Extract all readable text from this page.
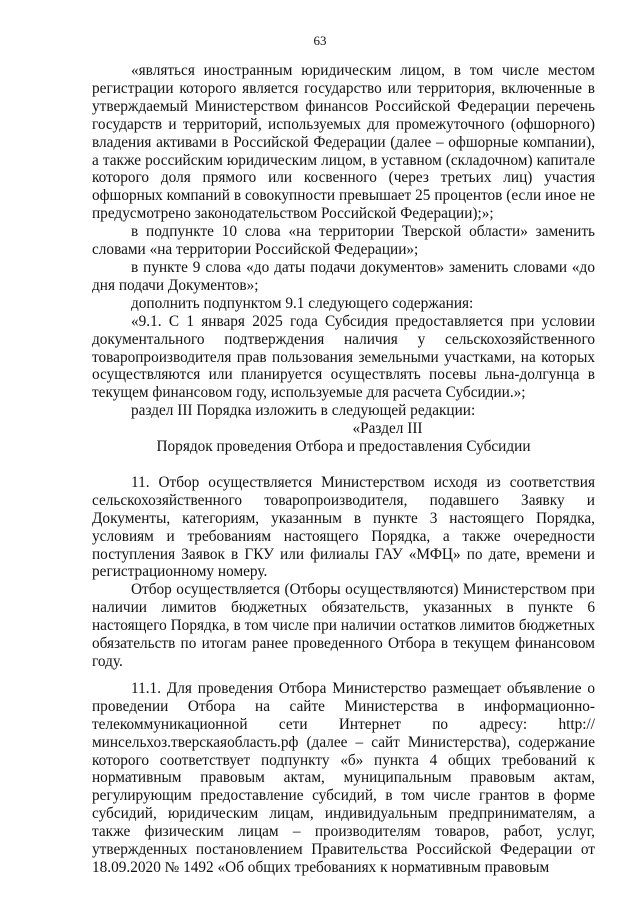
63

«являться иностранным юридическим лицом, в том числе местом регистрации которого является государство или территория, включенные в утверждаемый Министерством финансов Российской Федерации перечень государств и территорий, используемых для промежуточного (офшорного) владения активами в Российской Федерации (далее – офшорные компании), а также российским юридическим лицом, в уставном (складочном) капитале которого доля прямого или косвенного (через третьих лиц) участия офшорных компаний в совокупности превышает 25 процентов (если иное не предусмотрено законодательством Российской Федерации);»;

в подпункте 10 слова «на территории Тверской области» заменить словами «на территории Российской Федерации»;

в пункте 9 слова «до даты подачи документов» заменить словами «до дня подачи Документов»;

дополнить подпунктом 9.1 следующего содержания:

«9.1. С 1 января 2025 года Субсидия предоставляется при условии документального подтверждения наличия у сельскохозяйственного товаропроизводителя прав пользования земельными участками, на которых осуществляются или планируется осуществлять посевы льна-долгунца в текущем финансовом году, используемые для расчета Субсидии.»;

раздел III Порядка изложить в следующей редакции:

«Раздел III

Порядок проведения Отбора и предоставления Субсидии

11. Отбор осуществляется Министерством исходя из соответствия сельскохозяйственного товаропроизводителя, подавшего Заявку и Документы, категориям, указанным в пункте 3 настоящего Порядка, условиям и требованиям настоящего Порядка, а также очередности поступления Заявок в ГКУ или филиалы ГАУ «МФЦ» по дате, времени и регистрационному номеру.

Отбор осуществляется (Отборы осуществляются) Министерством при наличии лимитов бюджетных обязательств, указанных в пункте 6 настоящего Порядка, в том числе при наличии остатков лимитов бюджетных обязательств по итогам ранее проведенного Отбора в текущем финансовом году.

11.1. Для проведения Отбора Министерство размещает объявление о проведении Отбора на сайте Министерства в информационно-телекоммуникационной сети Интернет по адресу: http://минсельхоз.тверскаяобласть.рф (далее – сайт Министерства), содержание которого соответствует подпункту «б» пункта 4 общих требований к нормативным правовым актам, муниципальным правовым актам, регулирующим предоставление субсидий, в том числе грантов в форме субсидий, юридическим лицам, индивидуальным предпринимателям, а также физическим лицам – производителям товаров, работ, услуг, утвержденных постановлением Правительства Российской Федерации от 18.09.2020 № 1492 «Об общих требованиях к нормативным правовым
